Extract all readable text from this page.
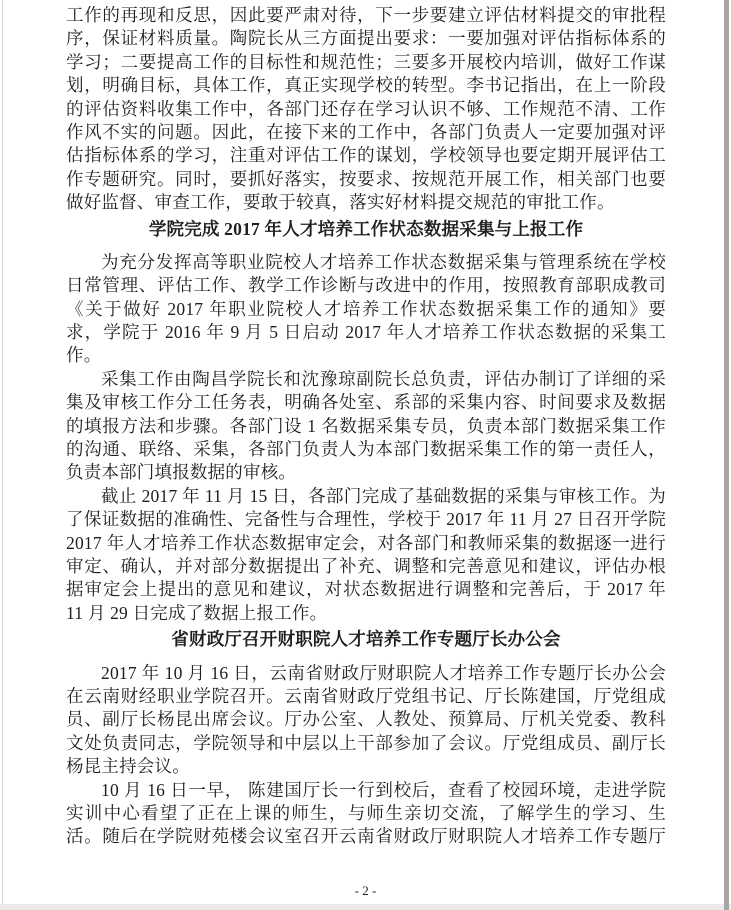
工作的再现和反思，因此要严肃对待，下一步要建立评估材料提交的审批程
序，保证材料质量。陶院长从三方面提出要求：一要加强对评估指标体系的
学习；二要提高工作的目标性和规范性；三要多开展校内培训，做好工作谋
划，明确目标，具体工作，真正实现学校的转型。李书记指出，在上一阶段
的评估资料收集工作中，各部门还存在学习认识不够、工作规范不清、工作
作风不实的问题。因此，在接下来的工作中，各部门负责人一定要加强对评
估指标体系的学习，注重对评估工作的谋划，学校领导也要定期开展评估工
作专题研究。同时，要抓好落实，按要求、按规范开展工作，相关部门也要
做好监督、审查工作，要敢于较真，落实好材料提交规范的审批工作。
学院完成 2017 年人才培养工作状态数据采集与上报工作
为充分发挥高等职业院校人才培养工作状态数据采集与管理系统在学校
日常管理、评估工作、教学工作诊断与改进中的作用，按照教育部职成教司
《关于做好 2017 年职业院校人才培养工作状态数据采集工作的通知》要
求，学院于 2016 年 9 月 5 日启动 2017 年人才培养工作状态数据的采集工
作。
采集工作由陶昌学院长和沈豫琼副院长总负责，评估办制订了详细的采
集及审核工作分工任务表，明确各处室、系部的采集内容、时间要求及数据
的填报方法和步骤。各部门设 1 名数据采集专员，负责本部门数据采集工作
的沟通、联络、采集，各部门负责人为本部门数据采集工作的第一责任人，
负责本部门填报数据的审核。
截止 2017 年 11 月 15 日，各部门完成了基础数据的采集与审核工作。为
了保证数据的准确性、完备性与合理性，学校于 2017 年 11 月 27 日召开学院
2017 年人才培养工作状态数据审定会，对各部门和教师采集的数据逐一进行
审定、确认，并对部分数据提出了补充、调整和完善意见和建议，评估办根
据审定会上提出的意见和建议，对状态数据进行调整和完善后，于 2017 年
11 月 29 日完成了数据上报工作。
省财政厅召开财职院人才培养工作专题厅长办公会
2017 年 10 月 16 日，云南省财政厅财职院人才培养工作专题厅长办公会
在云南财经职业学院召开。云南省财政厅党组书记、厅长陈建国，厅党组成
员、副厅长杨昆出席会议。厅办公室、人教处、预算局、厅机关党委、教科
文处负责同志，学院领导和中层以上干部参加了会议。厅党组成员、副厅长
杨昆主持会议。
10 月 16 日一早， 陈建国厅长一行到校后，查看了校园环境，走进学院
实训中心看望了正在上课的师生，与师生亲切交流，了解学生的学习、生
活。随后在学院财苑楼会议室召开云南省财政厅财职院人才培养工作专题厅
- 2 -
